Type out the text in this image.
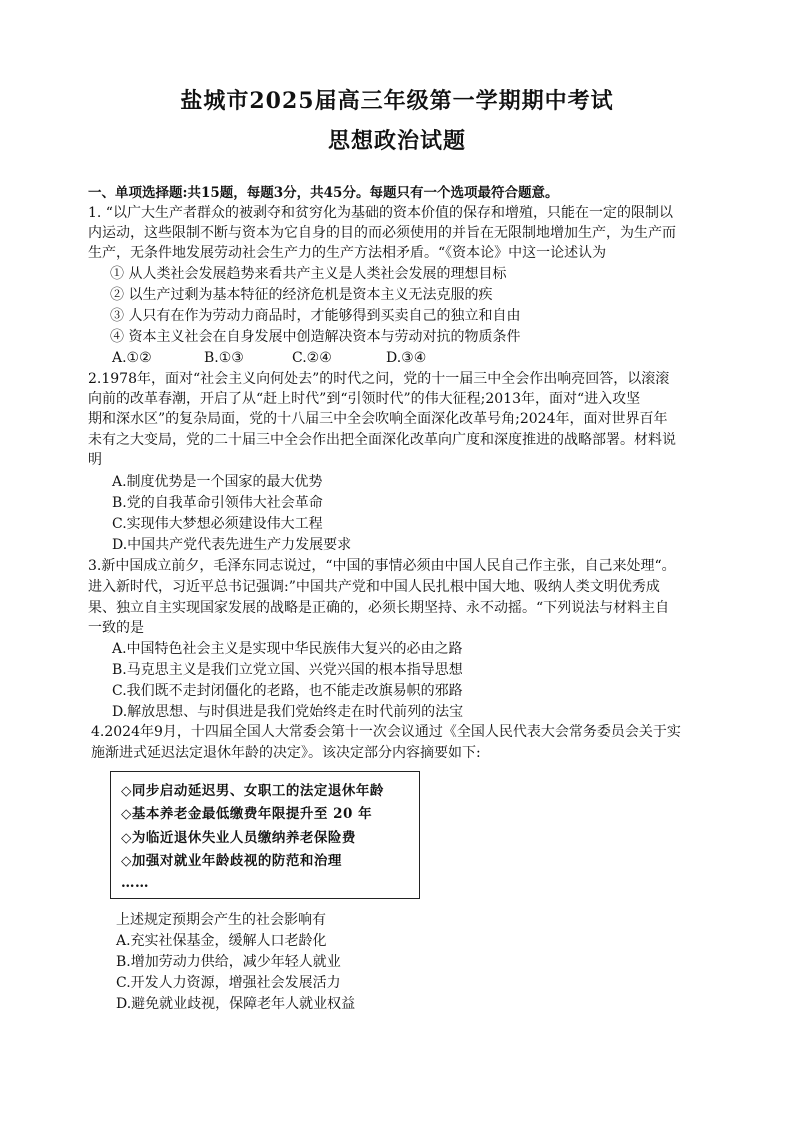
盐城市2025届高三年级第一学期期中考试
思想政治试题
一、单项选择题:共15题，每题3分，共45分。每题只有一个选项最符合题意。
1. “以广大生产者群众的被剥夺和贫穷化为基础的资本价值的保存和增殖，只能在一定的限制以
内运动，这些限制不断与资本为它自身的目的而必须使用的并旨在无限制地增加生产，为生产而
生产，无条件地发展劳动社会生产力的生产方法相矛盾。“《资本论》中这一论述认为
① 从人类社会发展趋势来看共产主义是人类社会发展的理想目标
② 以生产过剩为基本特征的经济危机是资本主义无法克服的疾
③ 人只有在作为劳动力商品时，才能够得到买卖自己的独立和自由
④ 资本主义社会在自身发展中创造解决资本与劳动对抗的物质条件
A.①②	B.①③	C.②④	D.③④
2.1978年，面对“社会主义向何处去”的时代之问，党的十一届三中全会作出响亮回答，以滚滚
向前的改革春潮，开启了从“赶上时代”到“引领时代”的伟大征程;2013年，面对“进入攻坚
期和深水区”的复杂局面，党的十八届三中全会吹响全面深化改革号角;2024年，面对世界百年
未有之大变局，党的二十届三中全会作出把全面深化改革向广度和深度推进的战略部署。材料说
明
A.制度优势是一个国家的最大优势
B.党的自我革命引领伟大社会革命
C.实现伟大梦想必须建设伟大工程
D.中国共产党代表先进生产力发展要求
3.新中国成立前夕，毛泽东同志说过，“中国的事情必须由中国人民自己作主张，自己来处理“。
进入新时代，习近平总书记强调:”中国共产党和中国人民扎根中国大地、吸纳人类文明优秀成
果、独立自主实现国家发展的战略是正确的，必须长期坚持、永不动摇。“下列说法与材料主自
一致的是
A.中国特色社会主义是实现中华民族伟大复兴的必由之路
B.马克思主义是我们立党立国、兴党兴国的根本指导思想
C.我们既不走封闭僵化的老路，也不能走改旗易帜的邪路
D.解放思想、与时俱进是我们党始终走在时代前列的法宝
4.2024年9月，十四届全国人大常委会第十一次会议通过《全国人民代表大会常务委员会关于实
施渐进式延迟法定退休年龄的决定》。该决定部分内容摘要如下:
◇同步启动延迟男、女职工的法定退休年龄
◇基本养老金最低缴费年限提升至 20 年
◇为临近退休失业人员缴纳养老保险费
◇加强对就业年龄歧视的防范和治理
……
上述规定预期会产生的社会影响有
A.充实社保基金，缓解人口老龄化
B.增加劳动力供给，减少年轻人就业
C.开发人力资源，增强社会发展活力
D.避免就业歧视，保障老年人就业权益
